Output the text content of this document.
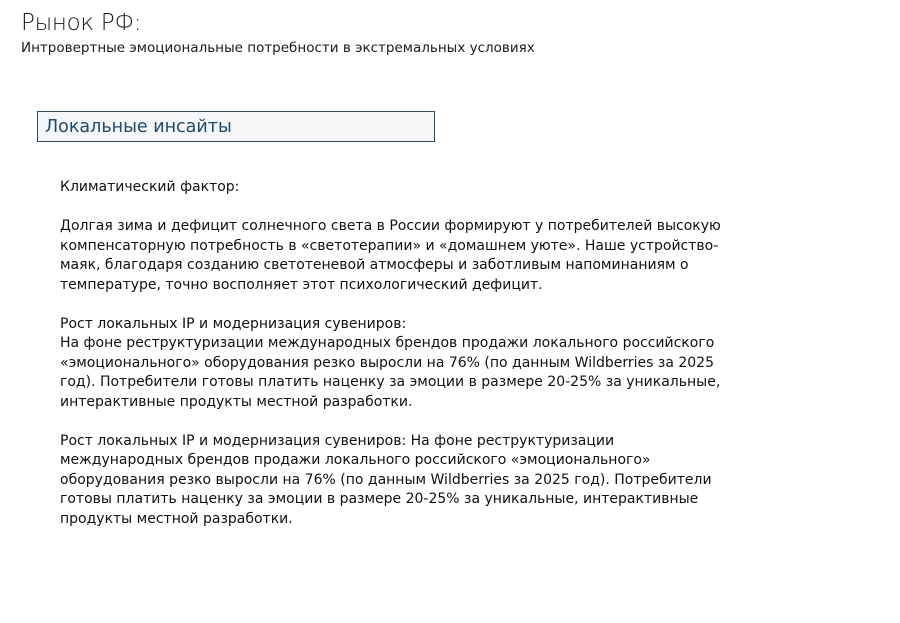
Рынок РФ:
Интровертные эмоциональные потребности в экстремальных условиях
Локальные инсайты

Климатический фактор:

Долгая зима и дефицит солнечного света в России формируют у потребителей высокую
компенсаторную потребность в «светотерапии» и «домашнем уюте». Наше устройство-
маяк, благодаря созданию светотеневой атмосферы и заботливым напоминаниям о
температуре, точно восполняет этот психологический дефицит.

Рост локальных IP и модернизация сувениров:
На фоне реструктуризации международных брендов продажи локального российского
«эмоционального» оборудования резко выросли на 76% (по данным Wildberries за 2025
год). Потребители готовы платить наценку за эмоции в размере 20-25% за уникальные,
интерактивные продукты местной разработки.

Рост локальных IP и модернизация сувениров: На фоне реструктуризации
международных брендов продажи локального российского «эмоционального»
оборудования резко выросли на 76% (по данным Wildberries за 2025 год). Потребители
готовы платить наценку за эмоции в размере 20-25% за уникальные, интерактивные
продукты местной разработки.
